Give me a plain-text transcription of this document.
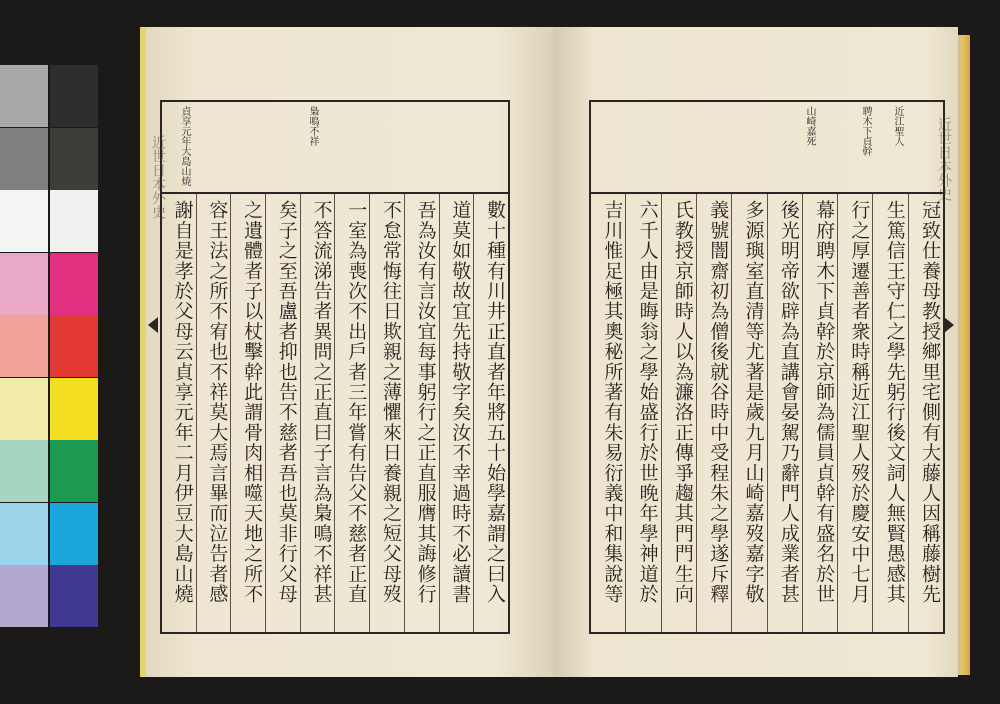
近世日本外史 貞享元年大島山焼	梟鳴不祥
數十種有川井正直者年將五十始學嘉謂之曰入
道莫如敬故宜先持敬字矣汝不幸過時不必讀書
吾為汝有言汝宜每事躬行之正直服膺其誨修行
不怠常悔往日欺親之薄懼來日養親之短父母歿
一室為喪次不出戶者三年嘗有告父不慈者正直
不答流涕告者異問之正直曰子言為梟鳴不祥甚
矣子之至吾盧者抑也告不慈者吾也莫非行父母
之遺體者子以杖擊幹此謂骨肉相噬天地之所不
容王法之所不宥也不祥莫大焉言畢而泣告者感
謝自是孝於父母云貞享元年二月伊豆大島山燒
近世日本外史
近江聖人
聘木下貞幹
山崎嘉死
冠致仕養母教授鄉里宅側有大藤人因稱藤樹先
生篤信王守仁之學先躬行後文詞人無賢愚感其
行之厚遷善者衆時稱近江聖人歿於慶安中七月
幕府聘木下貞幹於京師為儒員貞幹有盛名於世
後光明帝欲辟為直講會晏駕乃辭門人成業者甚
多源璵室直清等尤著是歲九月山崎嘉歿嘉字敬
義號闇齋初為僧後就谷時中受程朱之學遂斥釋
氏教授京師時人以為濂洛正傳爭趨其門門生向
六千人由是晦翁之學始盛行於世晚年學神道於
吉川惟足極其奧秘所著有朱易衍義中和集說等
